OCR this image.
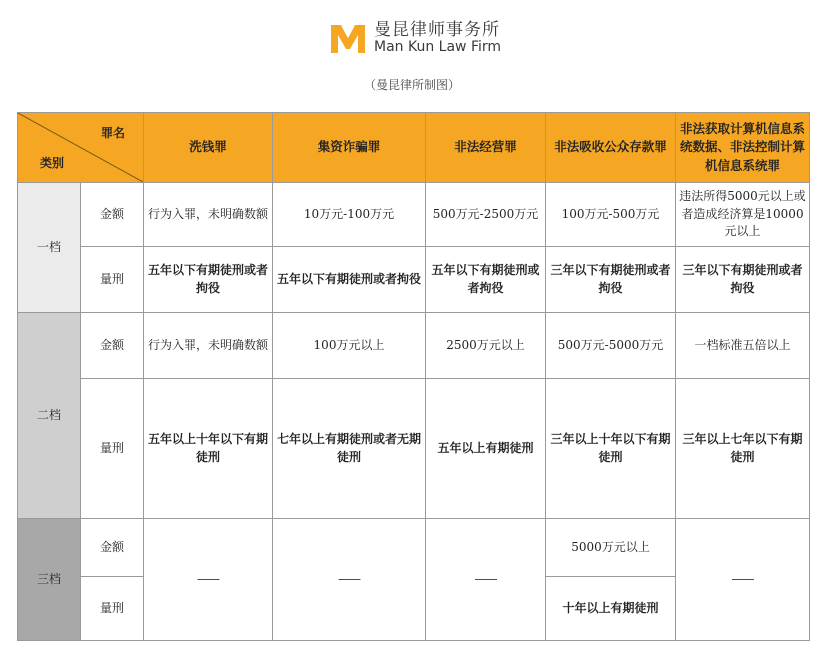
曼昆律师事务所
Man Kun Law Firm
（曼昆律所制图）
罪名
类别		洗钱罪	集资诈骗罪	非法经营罪	非法吸收公众存款罪	非法获取计算机信息系统数据、非法控制计算机信息系统罪
一档	金额	行为入罪，未明确数额	10万元-100万元	500万元-2500万元	100万元-500万元	违法所得5000元以上或者造成经济算是10000元以上
	量刑	五年以下有期徒刑或者拘役	五年以下有期徒刑或者拘役	五年以下有期徒刑或者拘役	三年以下有期徒刑或者拘役	三年以下有期徒刑或者拘役
二档	金额	行为入罪，未明确数额	100万元以上	2500万元以上	500万元-5000万元	一档标准五倍以上
	量刑	五年以上十年以下有期徒刑	七年以上有期徒刑或者无期徒刑	五年以上有期徒刑	三年以上十年以下有期徒刑	三年以上七年以下有期徒刑
三档	金额	——	——	——	5000万元以上	——
	量刑				十年以上有期徒刑	
